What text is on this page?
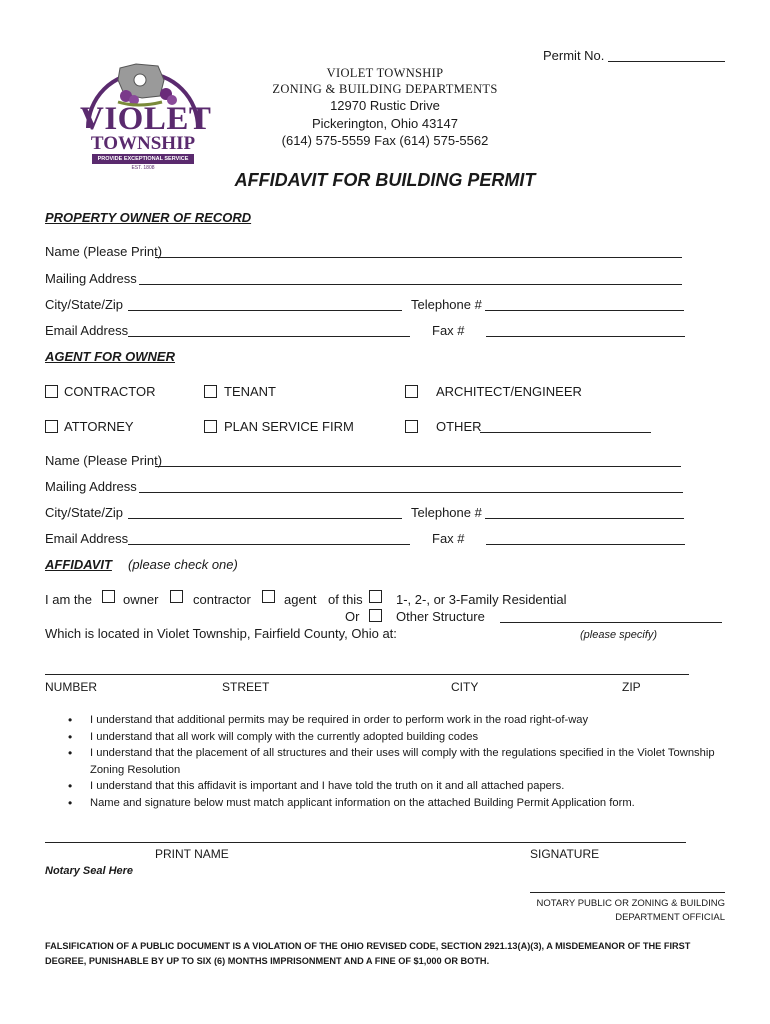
Permit No.
VIOLET
TOWNSHIP
PROVIDE EXCEPTIONAL SERVICE
EST. 1808
VIOLET TOWNSHIP
ZONING & BUILDING DEPARTMENTS
12970 Rustic Drive
Pickerington, Ohio 43147
(614) 575-5559 Fax (614) 575-5562
AFFIDAVIT FOR BUILDING PERMIT
PROPERTY OWNER OF RECORD
Name (Please Print)
Mailing Address
City/State/Zip	Telephone #
Email Address	Fax #
AGENT FOR OWNER
CONTRACTOR	TENANT	ARCHITECT/ENGINEER
ATTORNEY	PLAN SERVICE FIRM	OTHER
Name (Please Print)
Mailing Address
City/State/Zip	Telephone #
Email Address	Fax #
AFFIDAVIT (please check one)
I am the owner	contractor	agent of this	1-, 2-, or 3-Family Residential
Or	Other Structure
Which is located in Violet Township, Fairfield County, Ohio at:	(please specify)
NUMBER	STREET	CITY	ZIP
• I understand that additional permits may be required in order to perform work in the road right-of-way
• I understand that all work will comply with the currently adopted building codes
• I understand that the placement of all structures and their uses will comply with the regulations specified in the Violet Township Zoning Resolution
• I understand that this affidavit is important and I have told the truth on it and all attached papers.
• Name and signature below must match applicant information on the attached Building Permit Application form.
PRINT NAME	SIGNATURE
Notary Seal Here
NOTARY PUBLIC OR ZONING & BUILDING
DEPARTMENT OFFICIAL
FALSIFICATION OF A PUBLIC DOCUMENT IS A VIOLATION OF THE OHIO REVISED CODE, SECTION 2921.13(A)(3), A MISDEMEANOR OF THE FIRST DEGREE, PUNISHABLE BY UP TO SIX (6) MONTHS IMPRISONMENT AND A FINE OF $1,000 OR BOTH.
